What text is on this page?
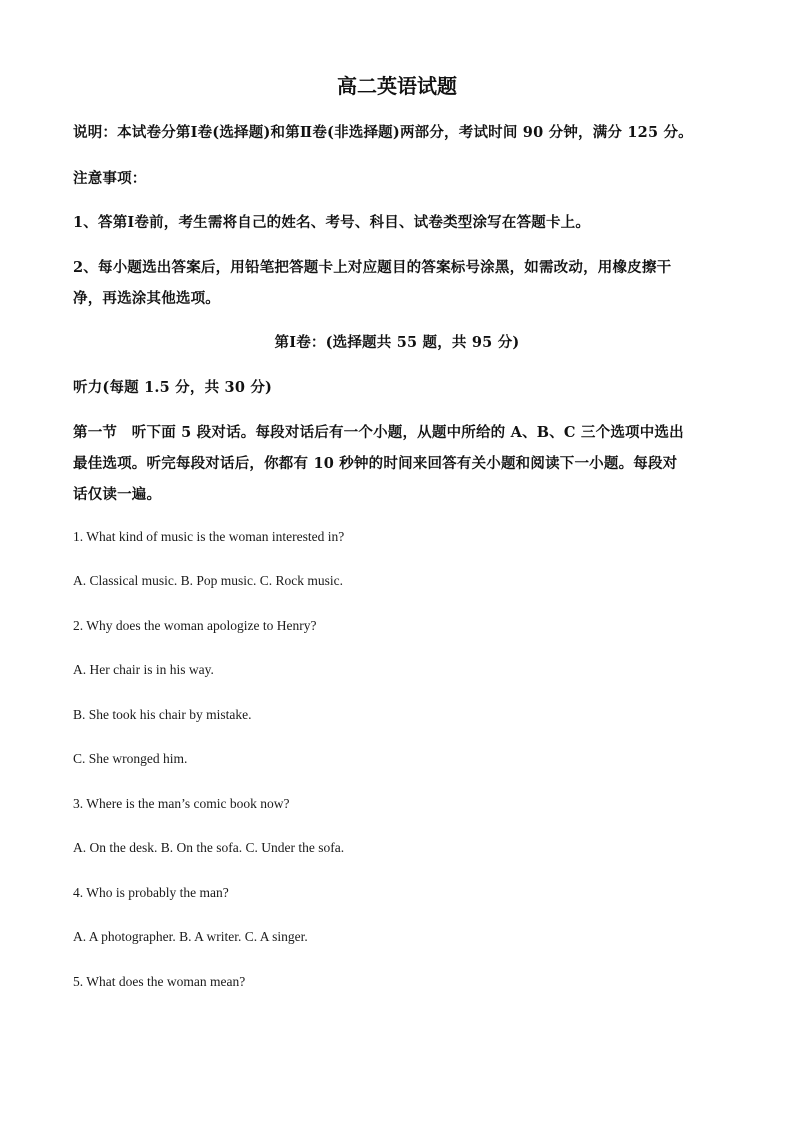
高二英语试题
说明：本试卷分第Ⅰ卷(选择题)和第Ⅱ卷(非选择题)两部分，考试时间 90 分钟，满分 125 分。
注意事项：
1、答第Ⅰ卷前，考生需将自己的姓名、考号、科目、试卷类型涂写在答题卡上。
2、每小题选出答案后，用铅笔把答题卡上对应题目的答案标号涂黑，如需改动，用橡皮擦干
净，再选涂其他选项。
第Ⅰ卷：(选择题共 55 题，共 95 分)
听力(每题 1.5 分，共 30 分)
第一节　听下面 5 段对话。每段对话后有一个小题，从题中所给的 A、B、C 三个选项中选出
最佳选项。听完每段对话后，你都有 10 秒钟的时间来回答有关小题和阅读下一小题。每段对
话仅读一遍。
1. What kind of music is the woman interested in?
A. Classical music. B. Pop music. C. Rock music.
2. Why does the woman apologize to Henry?
A. Her chair is in his way.
B. She took his chair by mistake.
C. She wronged him.
3. Where is the man’s comic book now?
A. On the desk. B. On the sofa. C. Under the sofa.
4. Who is probably the man?
A. A photographer. B. A writer. C. A singer.
5. What does the woman mean?
